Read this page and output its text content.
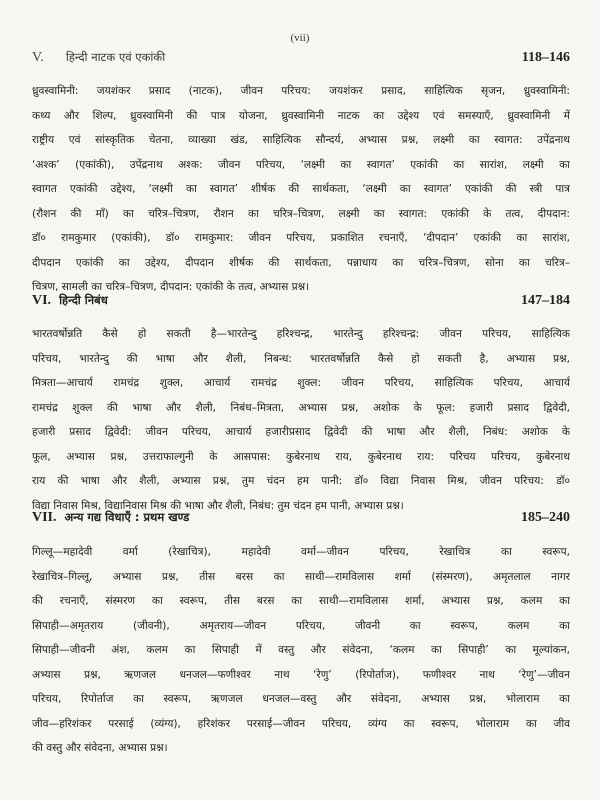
(vii)
V. हिन्दी नाटक एवं एकांकी	118–146
ध्रुवस्वामिनी: जयशंकर प्रसाद (नाटक), जीवन परिचय: जयशंकर प्रसाद, साहित्यिक सृजन, ध्रुवस्वामिनी:
कथ्य और शिल्प, ध्रुवस्वामिनी की पात्र योजना, ध्रुवस्वामिनी नाटक का उद्देश्य एवं समस्याएँ, ध्रुवस्वामिनी में
राष्ट्रीय एवं सांस्कृतिक चेतना, व्याख्या खंड, साहित्यिक सौन्दर्य, अभ्यास प्रश्न, लक्ष्मी का स्वागत: उपेंद्रनाथ
‘अश्क’ (एकांकी), उपेंद्रनाथ अश्क: जीवन परिचय, ‘लक्ष्मी का स्वागत’ एकांकी का सारांश, लक्ष्मी का
स्वागत एकांकी उद्देश्य, ‘लक्ष्मी का स्वागत’ शीर्षक की सार्थकता, ‘लक्ष्मी का स्वागत’ एकांकी की स्त्री पात्र
(रौशन की माँ) का चरित्र–चित्रण, रौशन का चरित्र–चित्रण, लक्ष्मी का स्वागत: एकांकी के तत्व, दीपदान:
डॉ० रामकुमार (एकांकी), डॉ० रामकुमार: जीवन परिचय, प्रकाशित रचनाएँ, ‘दीपदान’ एकांकी का सारांश,
दीपदान एकांकी का उद्देश्य, दीपदान शीर्षक की सार्थकता, पन्नाधाय का चरित्र–चित्रण, सोना का चरित्र–
चित्रण, सामली का चरित्र–चित्रण, दीपदान: एकांकी के तत्व, अभ्यास प्रश्न।
VI. हिन्दी निबंध	147–184
भारतवर्षोन्नति कैसे हो सकती है—भारतेन्दु हरिश्चन्द्र, भारतेन्दु हरिश्चन्द्र: जीवन परिचय, साहित्यिक
परिचय, भारतेन्दु की भाषा और शैली, निबन्ध: भारतवर्षोन्नति कैसे हो सकती है, अभ्यास प्रश्न,
मित्रता—आचार्य रामचंद्र शुक्ल, आचार्य रामचंद्र शुक्ल: जीवन परिचय, साहित्यिक परिचय, आचार्य
रामचंद्र शुक्ल की भाषा और शैली, निबंध–मित्रता, अभ्यास प्रश्न, अशोक के फूल: हजारी प्रसाद द्विवेदी,
हजारी प्रसाद द्विवेदी: जीवन परिचय, आचार्य हजारीप्रसाद द्विवेदी की भाषा और शैली, निबंध: अशोक के
फूल, अभ्यास प्रश्न, उत्तराफाल्गुनी के आसपास: कुबेरनाथ राय, कुबेरनाथ राय: परिचय परिचय, कुबेरनाथ
राय की भाषा और शैली, अभ्यास प्रश्न, तुम चंदन हम पानी: डॉ० विद्या निवास मिश्र, जीवन परिचय: डॉ०
विद्या निवास मिश्र, विद्यानिवास मिश्र की भाषा और शैली, निबंध: तुम चंदन हम पानी, अभ्यास प्रश्न।
VII. अन्य गद्य विधाएँ : प्रथम खण्ड	185–240
गिल्लू—महादेवी वर्मा (रेखाचित्र), महादेवी वर्मा—जीवन परिचय, रेखाचित्र का स्वरूप,
रेखाचित्र–गिल्लू, अभ्यास प्रश्न, तीस बरस का साथी—रामविलास शर्मा (संस्मरण), अमृतलाल नागर
की रचनाएँ, संस्मरण का स्वरूप, तीस बरस का साथी—रामविलास शर्मा, अभ्यास प्रश्न, कलम का
सिपाही—अमृतराय (जीवनी), अमृतराय—जीवन परिचय, जीवनी का स्वरूप, कलम का
सिपाही—जीवनी अंश, कलम का सिपाही में वस्तु और संवेदना, ‘कलम का सिपाही’ का मूल्यांकन,
अभ्यास प्रश्न, ऋणजल धनजल—फणीश्वर नाथ ‘रेणु’ (रिपोर्ताज), फणीश्वर नाथ ‘रेणु’—जीवन
परिचय, रिपोर्ताज का स्वरूप, ऋणजल धनजल—वस्तु और संवेदना, अभ्यास प्रश्न, भोलाराम का
जीव—हरिशंकर परसाई (व्यंग्य), हरिशंकर परसाई—जीवन परिचय, व्यंग्य का स्वरूप, भोलाराम का जीव
की वस्तु और संवेदना, अभ्यास प्रश्न।
